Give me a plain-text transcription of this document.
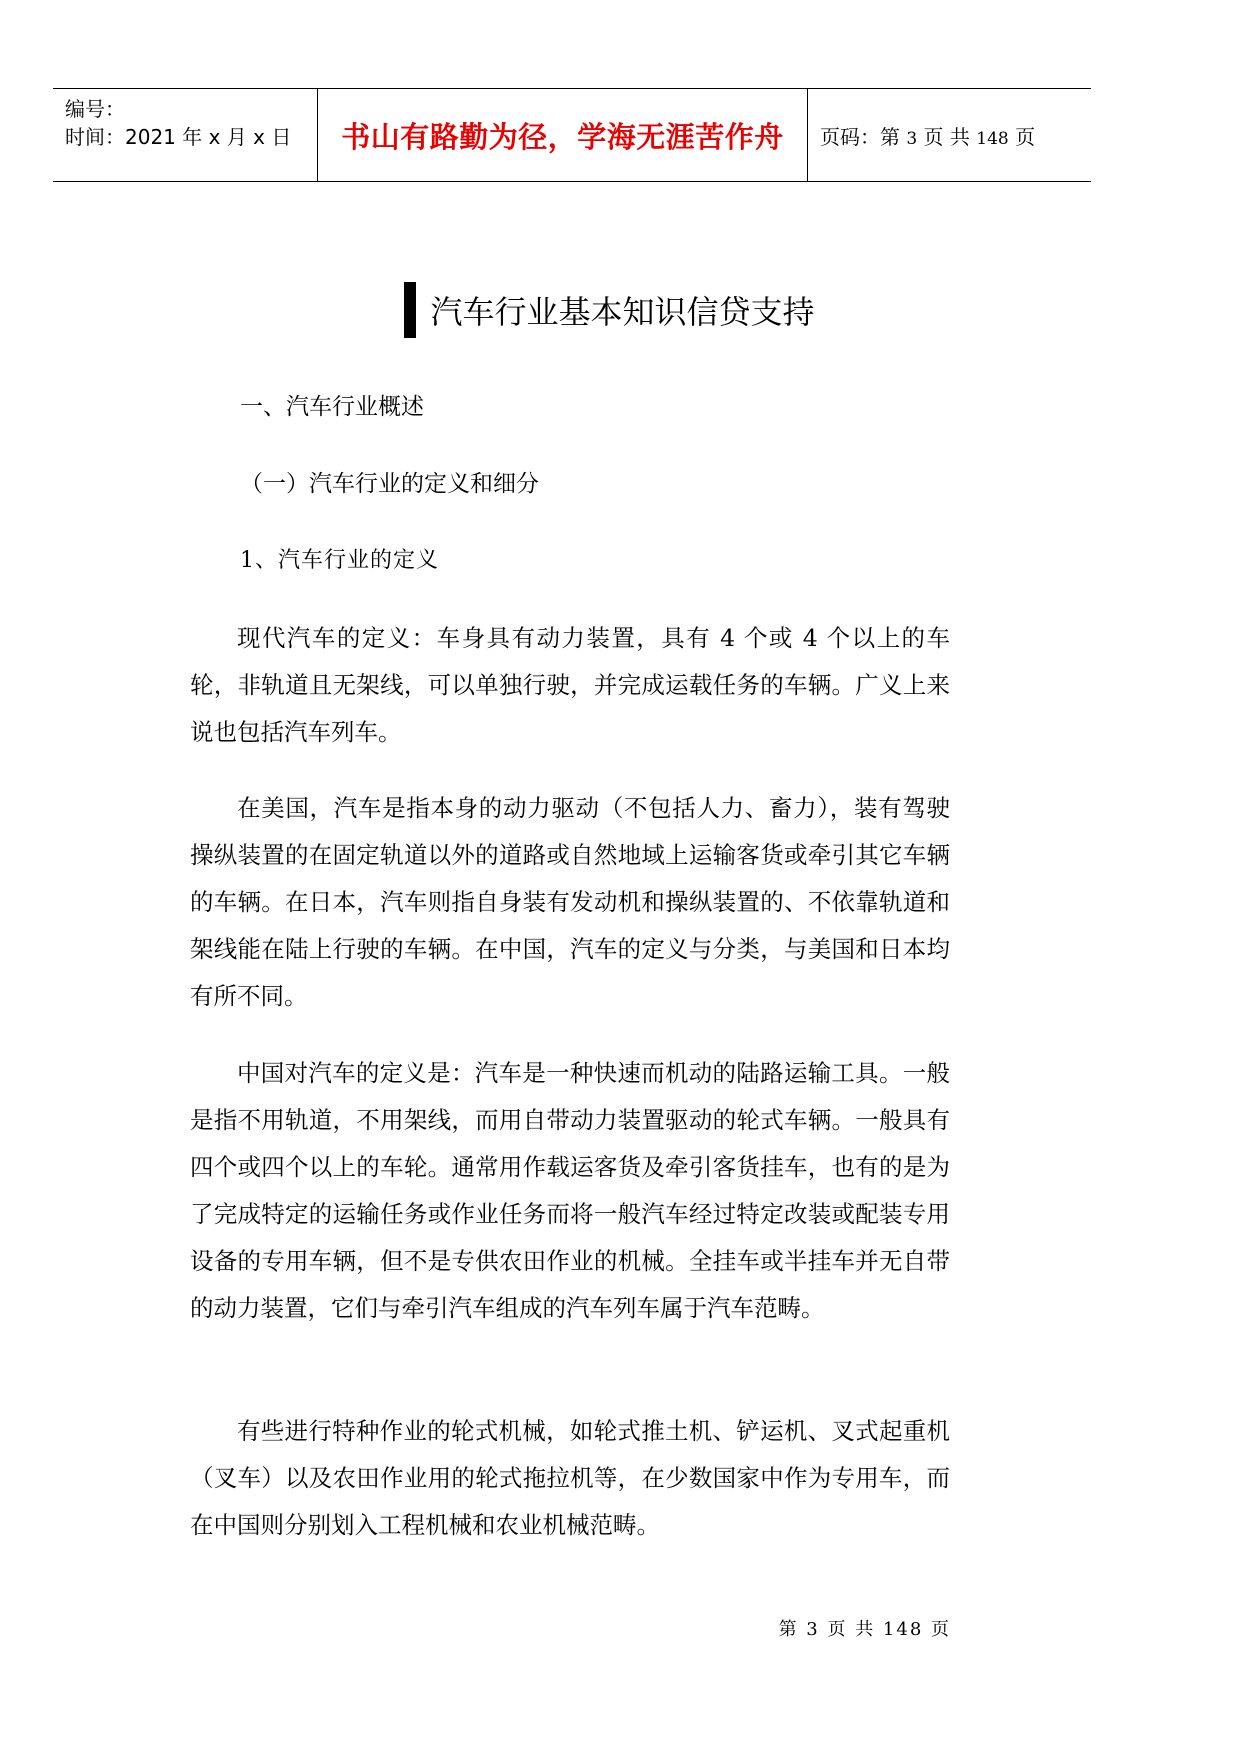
编号：
时间：2021 年 x 月 x 日	书山有路勤为径，学海无涯苦作舟 页码：第 3 页 共 148 页
汽车行业基本知识信贷支持
一、汽车行业概述
（一）汽车行业的定义和细分
1、汽车行业的定义

现代汽车的定义：车身具有动力装置，具有 4 个或 4 个以上的车轮，非轨道且无架线，可以单独行驶，并完成运载任务的车辆。广义上来说也包括汽车列车。

在美国，汽车是指本身的动力驱动（不包括人力、畜力），装有驾驶操纵装置的在固定轨道以外的道路或自然地域上运输客货或牵引其它车辆的车辆。在日本，汽车则指自身装有发动机和操纵装置的、不依靠轨道和架线能在陆上行驶的车辆。在中国，汽车的定义与分类，与美国和日本均有所不同。

中国对汽车的定义是：汽车是一种快速而机动的陆路运输工具。一般是指不用轨道，不用架线，而用自带动力装置驱动的轮式车辆。一般具有四个或四个以上的车轮。通常用作载运客货及牵引客货挂车，也有的是为了完成特定的运输任务或作业任务而将一般汽车经过特定改装或配装专用设备的专用车辆，但不是专供农田作业的机械。全挂车或半挂车并无自带的动力装置，它们与牵引汽车组成的汽车列车属于汽车范畴。

有些进行特种作业的轮式机械，如轮式推土机、铲运机、叉式起重机（叉车）以及农田作业用的轮式拖拉机等，在少数国家中作为专用车，而在中国则分别划入工程机械和农业机械范畴。

第 3 页 共 148 页
